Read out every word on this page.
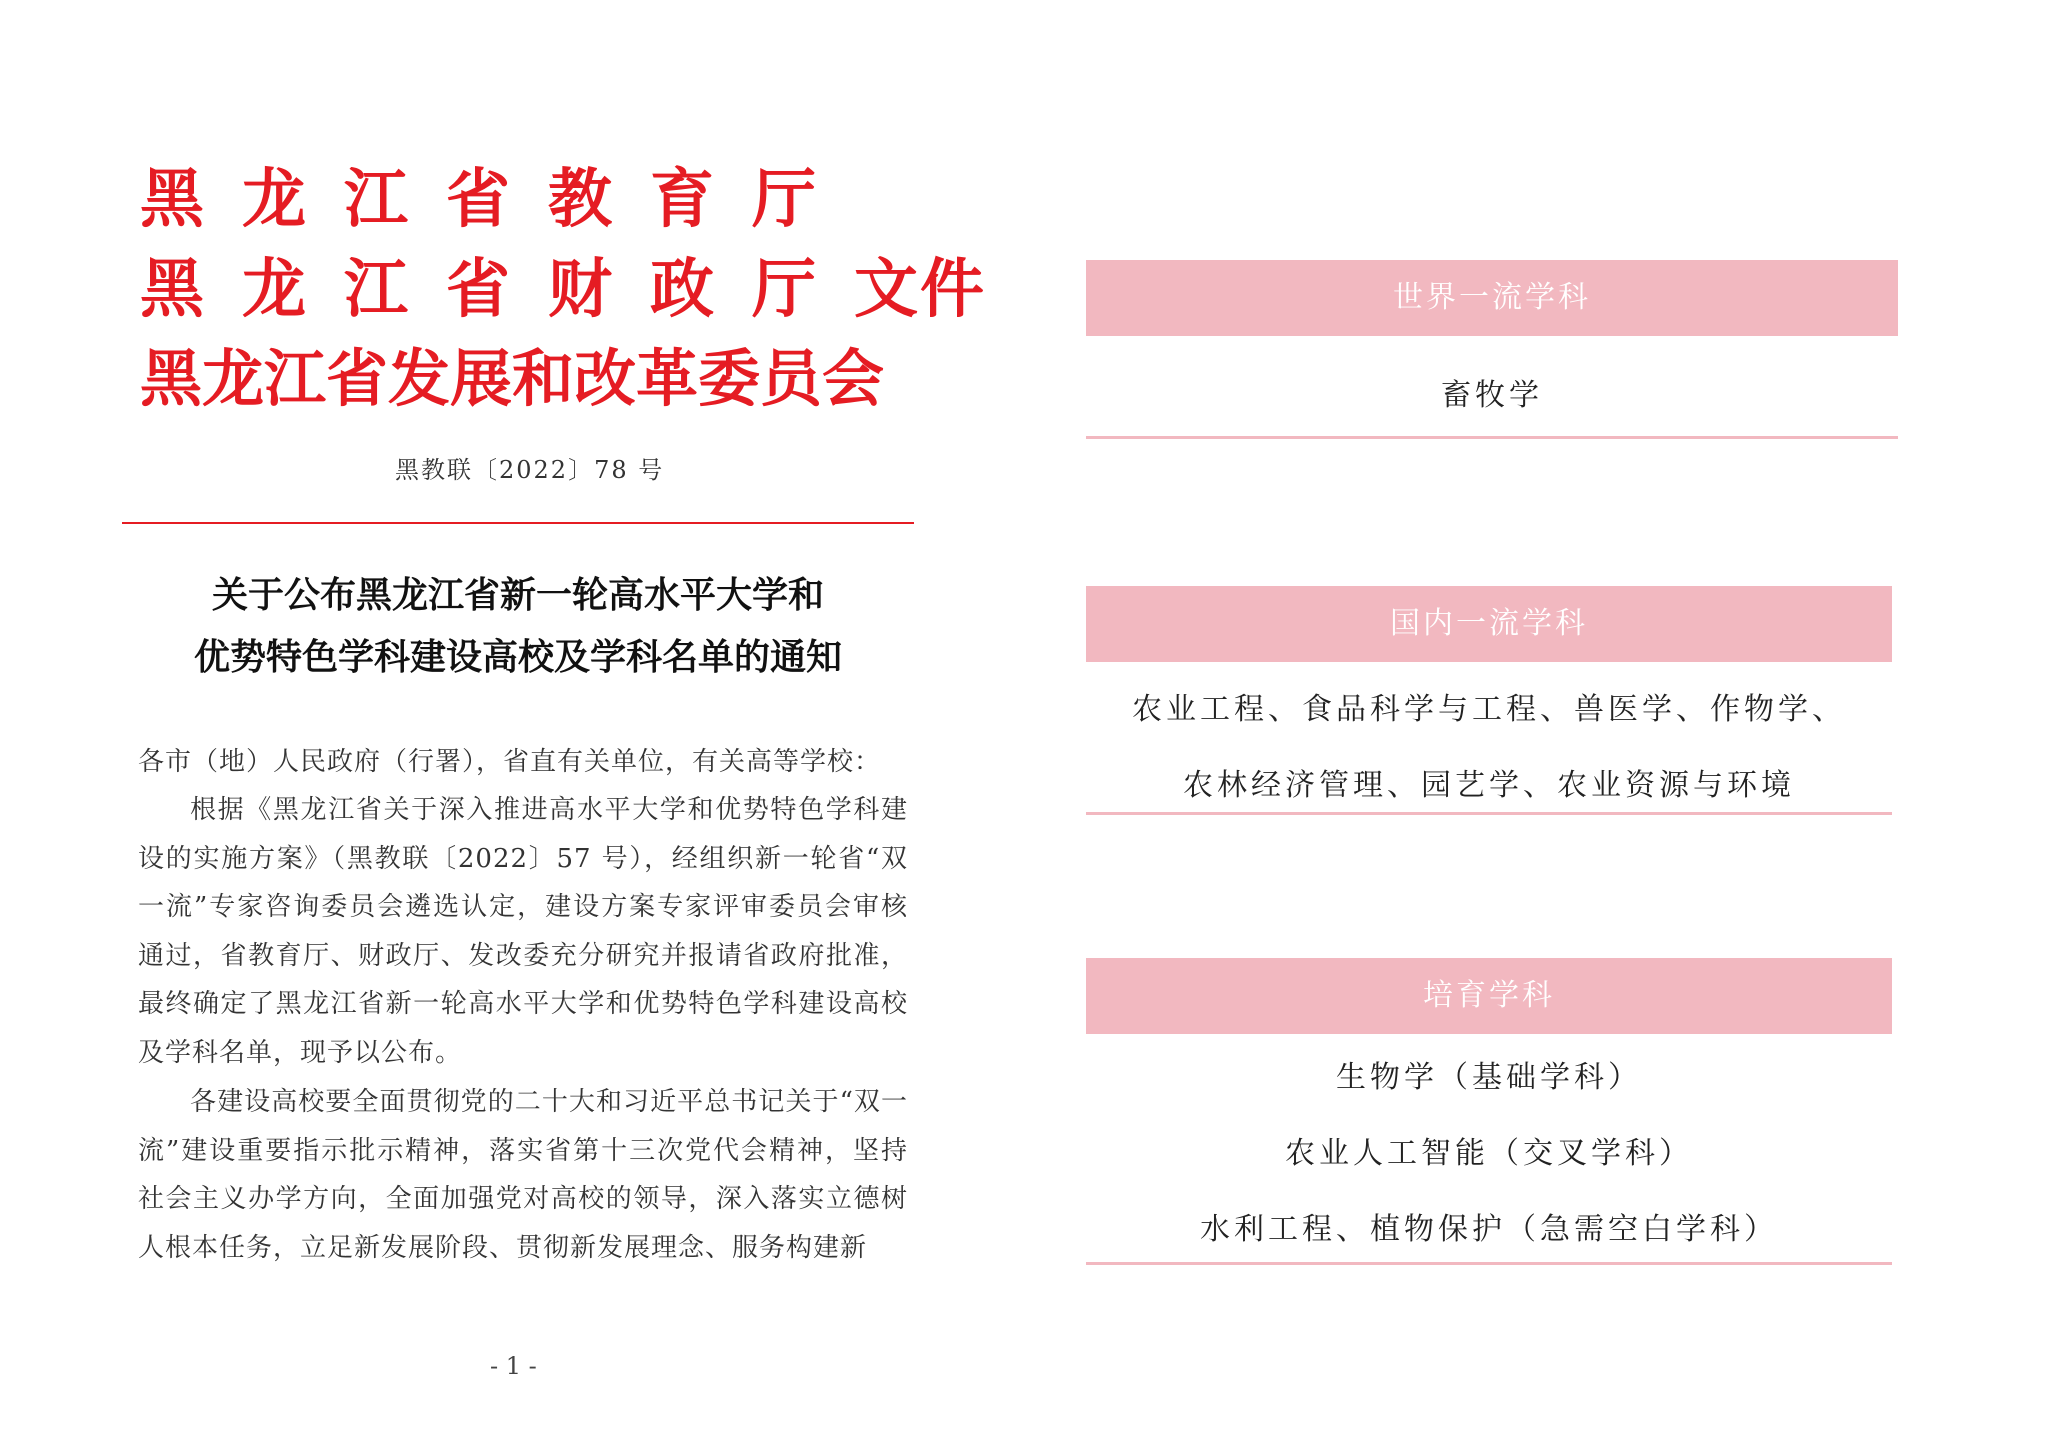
黑龙江省教育厅
黑龙江省财政厅文件
黑龙江省发展和改革委员会
黑教联〔2022〕78 号
关于公布黑龙江省新一轮高水平大学和
优势特色学科建设高校及学科名单的通知

各市（地）人民政府（行署），省直有关单位，有关高等学校：

根据《黑龙江省关于深入推进高水平大学和优势特色学科建设的实施方案》（黑教联〔2022〕57 号），经组织新一轮省“双一流”专家咨询委员会遴选认定，建设方案专家评审委员会审核通过，省教育厅、财政厅、发改委充分研究并报请省政府批准，最终确定了黑龙江省新一轮高水平大学和优势特色学科建设高校及学科名单，现予以公布。

各建设高校要全面贯彻党的二十大和习近平总书记关于“双一流”建设重要指示批示精神，落实省第十三次党代会精神，坚持社会主义办学方向，全面加强党对高校的领导，深入落实立德树人根本任务，立足新发展阶段、贯彻新发展理念、服务构建新

- 1 -
世界一流学科
畜牧学
国内一流学科
农业工程、食品科学与工程、兽医学、作物学、
农林经济管理、园艺学、农业资源与环境
培育学科
生物学（基础学科）
农业人工智能（交叉学科）
水利工程、植物保护（急需空白学科）
